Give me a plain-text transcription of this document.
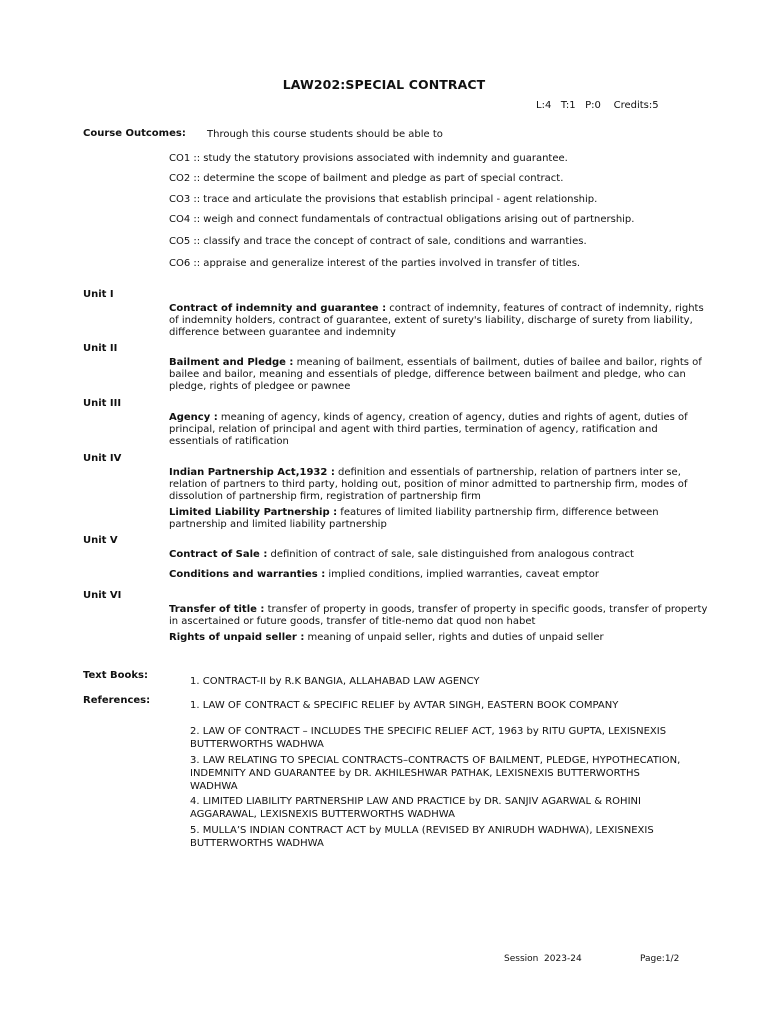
LAW202:SPECIAL CONTRACT
L:4   T:1   P:0    Credits:5
Course Outcomes: Through this course students should be able to
CO1 :: study the statutory provisions associated with indemnity and guarantee.
CO2 :: determine the scope of bailment and pledge as part of special contract.
CO3 :: trace and articulate the provisions that establish principal - agent relationship.
CO4 :: weigh and connect fundamentals of contractual obligations arising out of partnership.
CO5 :: classify and trace the concept of contract of sale, conditions and warranties.
CO6 :: appraise and generalize interest of the parties involved in transfer of titles.
Unit I
Contract of indemnity and guarantee : contract of indemnity, features of contract of indemnity, rights of indemnity holders, contract of guarantee, extent of surety's liability, discharge of surety from liability, difference between guarantee and indemnity
Unit II
Bailment and Pledge : meaning of bailment, essentials of bailment, duties of bailee and bailor, rights of bailee and bailor, meaning and essentials of pledge, difference between bailment and pledge, who can pledge, rights of pledgee or pawnee
Unit III
Agency : meaning of agency, kinds of agency, creation of agency, duties and rights of agent, duties of principal, relation of principal and agent with third parties, termination of agency, ratification and essentials of ratification
Unit IV
Indian Partnership Act,1932 : definition and essentials of partnership, relation of partners inter se, relation of partners to third party, holding out, position of minor admitted to partnership firm, modes of dissolution of partnership firm, registration of partnership firm
Limited Liability Partnership : features of limited liability partnership firm, difference between partnership and limited liability partnership
Unit V
Contract of Sale : definition of contract of sale, sale distinguished from analogous contract
Conditions and warranties : implied conditions, implied warranties, caveat emptor
Unit VI
Transfer of title : transfer of property in goods, transfer of property in specific goods, transfer of property in ascertained or future goods, transfer of title-nemo dat quod non habet
Rights of unpaid seller : meaning of unpaid seller, rights and duties of unpaid seller
Text Books:
1. CONTRACT-II by R.K BANGIA, ALLAHABAD LAW AGENCY
References:	1. LAW OF CONTRACT & SPECIFIC RELIEF by AVTAR SINGH, EASTERN BOOK COMPANY
2. LAW OF CONTRACT – INCLUDES THE SPECIFIC RELIEF ACT, 1963 by RITU GUPTA, LEXISNEXIS BUTTERWORTHS WADHWA
3. LAW RELATING TO SPECIAL CONTRACTS–CONTRACTS OF BAILMENT, PLEDGE, HYPOTHECATION, INDEMNITY AND GUARANTEE by DR. AKHILESHWAR PATHAK, LEXISNEXIS BUTTERWORTHS WADHWA
4. LIMITED LIABILITY PARTNERSHIP LAW AND PRACTICE by DR. SANJIV AGARWAL & ROHINI AGGARAWAL, LEXISNEXIS BUTTERWORTHS WADHWA
5. MULLA’S INDIAN CONTRACT ACT by MULLA (REVISED BY ANIRUDH WADHWA), LEXISNEXIS BUTTERWORTHS WADHWA
Session  2023-24	Page:1/2
